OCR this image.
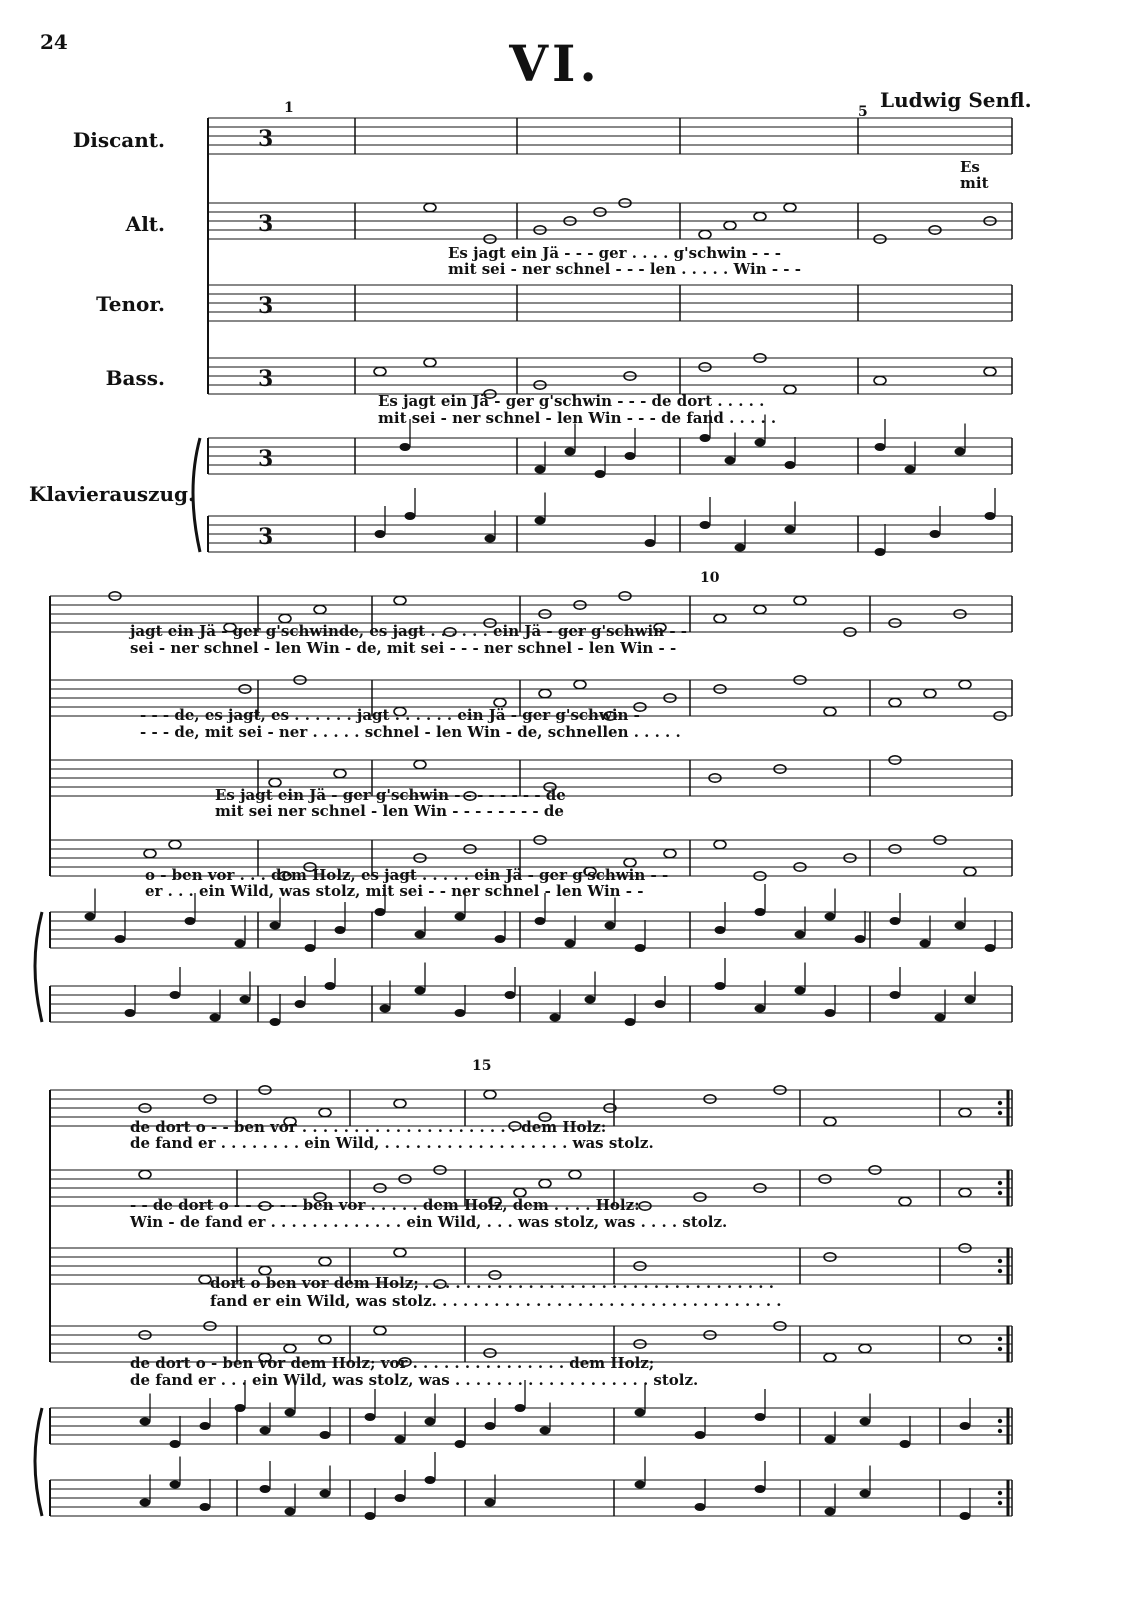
24	VI.
Ludwig Senfl.
Discant.
Alt.
Tenor.
Bass.
Klavierauszug.
1	5
10
15
3
3
3
3
3
3
Es
mit
Es jagt ein Jä - - - ger . . . . g'schwin - - -
mit sei - ner schnel - - - len . . . . . Win - - -
Es jagt ein Jä - ger g'schwin - - - de dort . . . . .
mit sei - ner schnel - len Win - - - de fand . . . . .
jagt ein Jä - ger g'schwinde, es jagt . . . . . . ein Jä - ger g'schwin - -
sei - ner schnel - len Win - de, mit sei - - - ner schnel - len Win - -
- - - de, es jagt, es . . . . . . jagt . . . . . . ein Jä - ger g'schwin -
- - - de, mit sei - ner . . . . . schnel - len Win - de, schnellen . . . . .
Es jagt ein Jä - ger g'schwin - - - - - - - - de
mit sei ner schnel - len Win - - - - - - - - de
o - ben vor . . . dem Holz, es jagt . . . . . ein Jä - ger g'schwin - -
er . . . ein Wild, was stolz, mit sei - - ner schnel - len Win - -
de dort o - - ben vor . . . . . . . . . . . . . . . . . . . . . dem Holz:
de fand er . . . . . . . . ein Wild, . . . . . . . . . . . . . . . . . . was stolz.
- - de dort o - - - - - - ben vor . . . . . dem Holz, dem . . . . Holz:
Win - de fand er . . . . . . . . . . . . . ein Wild, . . . was stolz, was . . . . stolz.
dort o ben vor dem Holz; . . . . . . . . . . . . . . . . . . . . . . . . . . . . . . . . . .
fand er ein Wild, was stolz. . . . . . . . . . . . . . . . . . . . . . . . . . . . . . . . . .
de dort o - ben vor dem Holz; vor . . . . . . . . . . . . . . . dem Holz;
de fand er . . . ein Wild, was stolz, was . . . . . . . . . . . . . . . . . . . stolz.
